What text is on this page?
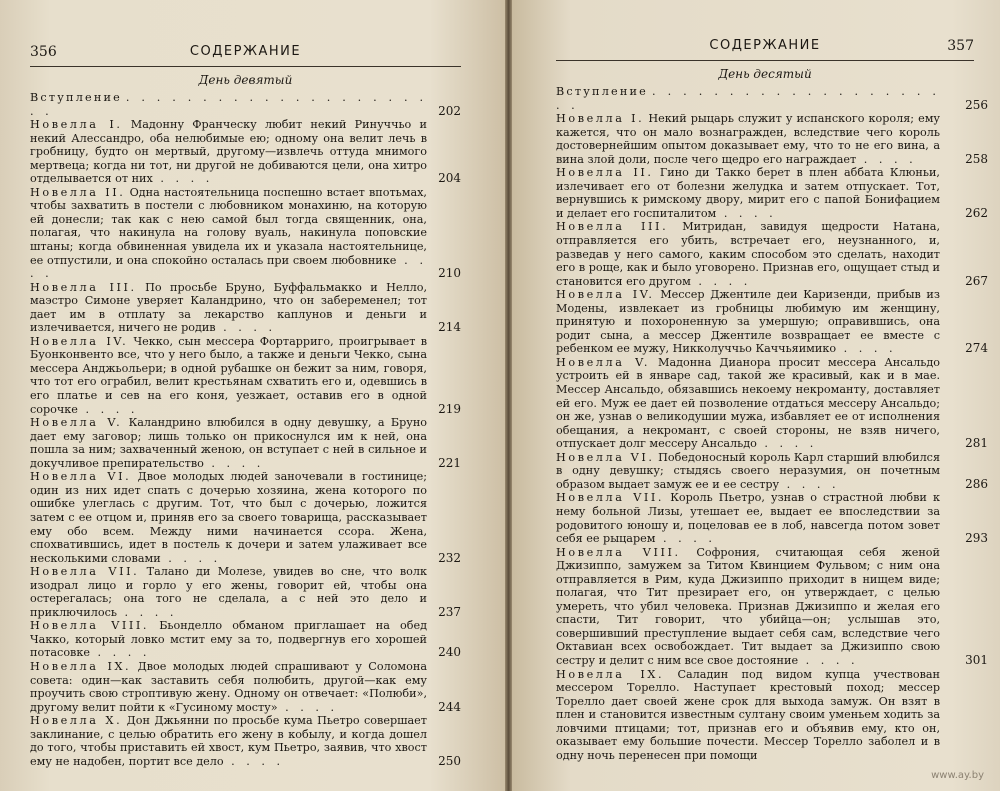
356	СОДЕРЖАНИЕ
День девятый

Вступление . . . . . . . . . . . . . . . . . . . . . .	202

Новелла I. Мадонну Франческу любит некий Ринуччьо и некий Алессандро, оба нелюбимые ею; одному она велит лечь в гробницу, будто он мертвый, другому—извлечь оттуда мнимого мертвеца; когда ни тот, ни другой не добиваются цели, она хитро отделывается от них . . . .	204

Новелла II. Одна настоятельница поспешно встает впотьмах, чтобы захватить в постели с любовником монахиню, на которую ей донесли; так как с нею самой был тогда священник, она, полагая, что накинула на голову вуаль, накинула поповские штаны; когда обвиненная увидела их и указала настоятельнице, ее отпустили, и она спокойно осталась при своем любовнике . . . .	210

Новелла III. По просьбе Бруно, Буффальмакко и Нелло, маэстро Симоне уверяет Каландрино, что он забеременел; тот дает им в отплату за лекарство каплунов и деньги и излечивается, ничего не родив . . . .	214

Новелла IV. Чекко, сын мессера Фортарриго, проигрывает в Буонконвенто все, что у него было, а также и деньги Чекко, сына мессера Анджьольери; в одной рубашке он бежит за ним, говоря, что тот его ограбил, велит крестьянам схватить его и, одевшись в его платье и сев на его коня, уезжает, оставив его в одной сорочке . . . .	219

Новелла V. Каландрино влюбился в одну девушку, а Бруно дает ему заговор; лишь только он прикоснулся им к ней, она пошла за ним; захваченный женою, он вступает с ней в сильное и докучливое препирательство . . . .	221

Новелла VI. Двое молодых людей заночевали в гостинице; один из них идет спать с дочерью хозяина, жена которого по ошибке улеглась с другим. Тот, что был с дочерью, ложится затем с ее отцом и, приняв его за своего товарища, рассказывает ему обо всем. Между ними начинается ссора. Жена, спохватившись, идет в постель к дочери и затем улаживает все несколькими словами . . . .	232

Новелла VII. Талано ди Молезе, увидев во сне, что волк изодрал лицо и горло у его жены, говорит ей, чтобы она остерегалась; она того не сделала, а с ней это дело и приключилось . . . .	237

Новелла VIII. Бьонделло обманом приглашает на обед Чакко, который ловко мстит ему за то, подвергнув его хорошей потасовке . . . .	240

Новелла IX. Двое молодых людей спрашивают у Соломона совета: один—как заставить себя полюбить, другой—как ему проучить свою строптивую жену. Одному он отвечает: «Полюби», другому велит пойти к «Гусиному мосту» . . . .	244

Новелла X. Дон Джьянни по просьбе кума Пьетро совершает заклинание, с целью обратить его жену в кобылу, и когда дошел до того, чтобы приставить ей хвост, кум Пьетро, заявив, что хвост ему не надобен, портит все дело . . . .	250
СОДЕРЖАНИЕ	357
День десятый

Вступление . . . . . . . . . . . . . . . . . . . . .	256

Новелла I. Некий рыцарь служит у испанского короля; ему кажется, что он мало вознагражден, вследствие чего король достовернейшим опытом доказывает ему, что то не его вина, а вина злой доли, после чего щедро его награждает . . . .	258

Новелла II. Гино ди Такко берет в плен аббата Клюньи, излечивает его от болезни желудка и затем отпускает. Тот, вернувшись к римскому двору, мирит его с папой Бонифацием и делает его госпиталитом . . . .	262

Новелла III. Митридан, завидуя щедрости Натана, отправляется его убить, встречает его, неузнанного, и, разведав у него самого, каким способом это сделать, находит его в роще, как и было уговорено. Признав его, ощущает стыд и становится его другом . . . .	267

Новелла IV. Мессер Джентиле деи Каризенди, прибыв из Модены, извлекает из гробницы любимую им женщину, принятую и похороненную за умершую; оправившись, она родит сына, а мессер Джентиле возвращает ее вместе с ребенком ее мужу, Никколуччьо Каччьяимико . . . .	274

Новелла V. Мадонна Дианора просит мессера Ансальдо устроить ей в январе сад, такой же красивый, как и в мае. Мессер Ансальдо, обязавшись некоему некроманту, доставляет ей его. Муж ее дает ей позволение отдаться мессеру Ансальдо; он же, узнав о великодушии мужа, избавляет ее от исполнения обещания, а некромант, с своей стороны, не взяв ничего, отпускает долг мессеру Ансальдо . . . .	281

Новелла VI. Победоносный король Карл старший влюбился в одну девушку; стыдясь своего неразумия, он почетным образом выдает замуж ее и ее сестру . . . .	286

Новелла VII. Король Пьетро, узнав о страстной любви к нему больной Лизы, утешает ее, выдает ее впоследствии за родовитого юношу и, поцеловав ее в лоб, навсегда потом зовет себя ее рыцарем . . . .	293

Новелла VIII. Софрония, считающая себя женой Джизиппо, замужем за Титом Квинцием Фульвом; с ним она отправляется в Рим, куда Джизиппо приходит в нищем виде; полагая, что Тит презирает его, он утверждает, с целью умереть, что убил человека. Признав Джизиппо и желая его спасти, Тит говорит, что убийца—он; услышав это, совершивший преступление выдает себя сам, вследствие чего Октавиан всех освобождает. Тит выдает за Джизиппо свою сестру и делит с ним все свое достояние . . . .	301

Новелла IX. Саладин под видом купца учествован мессером Торелло. Наступает крестовый поход; мессер Торелло дает своей жене срок для выхода замуж. Он взят в плен и становится известным султану своим уменьем ходить за ловчими птицами; тот, признав его и объявив ему, кто он, оказывает ему большие почести. Мессер Торелло заболел и в одну ночь перенесен при помощи

www.ay.by
